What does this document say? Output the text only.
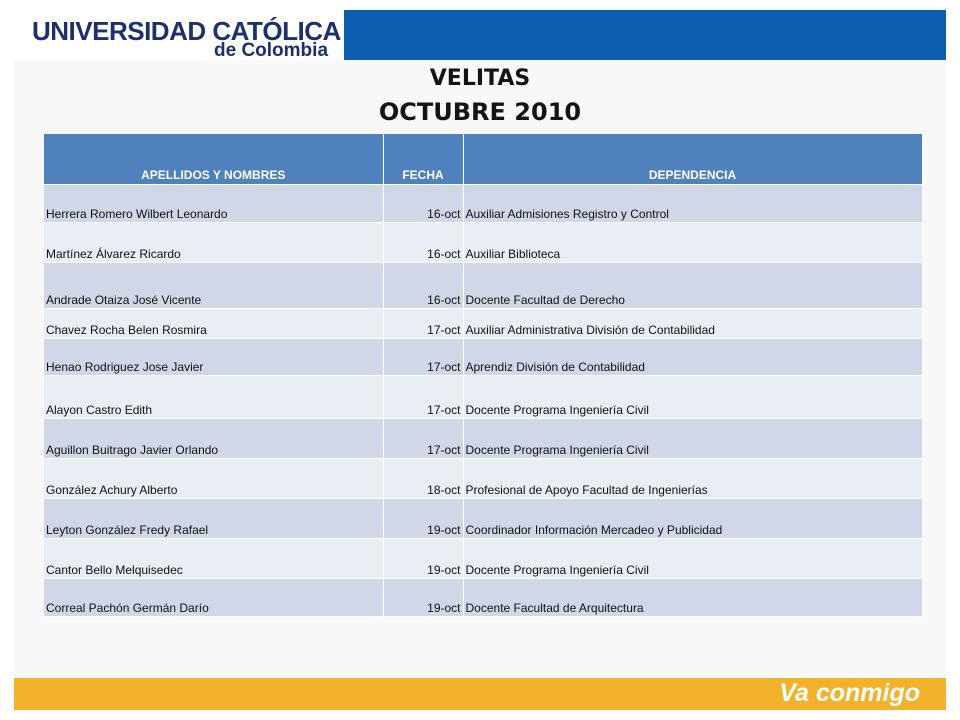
UNIVERSIDAD CATÓLICA
de Colombia
VELITAS
OCTUBRE 2010
APELLIDOS Y NOMBRES	FECHA	DEPENDENCIA
Herrera Romero Wilbert Leonardo	16-oct	Auxiliar Admisiones Registro y Control
Martínez Álvarez Ricardo	16-oct	Auxiliar Biblioteca
Andrade Otaiza José Vicente	16-oct	Docente Facultad de Derecho
Chavez Rocha Belen Rosmira	17-oct	Auxiliar Administrativa División de Contabilidad
Henao Rodriguez Jose Javier	17-oct	Aprendiz División de Contabilidad
Alayon Castro Edith	17-oct	Docente Programa Ingeniería Civil
Aguillon Buitrago Javier Orlando	17-oct	Docente Programa Ingeniería Civil
González Achury Alberto	18-oct	Profesional de Apoyo Facultad de Ingenierías
Leyton González Fredy Rafael	19-oct	Coordinador Información Mercadeo y Publicidad
Cantor Bello Melquisedec	19-oct	Docente Programa Ingeniería Civil
Correal Pachón Germán Darío	19-oct	Docente Facultad de Arquitectura
Va conmigo
